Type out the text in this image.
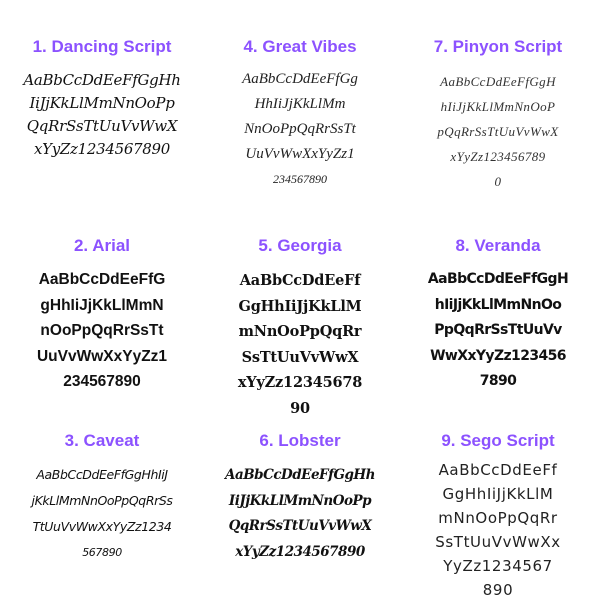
1. Dancing Script
AaBbCcDdEeFfGgHh
IiJjKkLlMmNnOoPp
QqRrSsTtUuVvWwX
xYyZz1234567890
4. Great Vibes
AaBbCcDdEeFfGg
HhIiJjKkLlMm
NnOoPpQqRrSsTt
UuVvWwXxYyZz1
234567890
7. Pinyon Script
AaBbCcDdEeFfGgH
hIiJjKkLlMmNnOoP
pQqRrSsTtUuVvWwX
xYyZz123456789
0
2. Arial
AaBbCcDdEeFfG
gHhIiJjKkLlMmN
nOoPpQqRrSsTt
UuVvWwXxYyZz1
234567890
5. Georgia
AaBbCcDdEeFf
GgHhIiJjKkLlM
mNnOoPpQqRr
SsTtUuVvWwX
xYyZz12345678
90
8. Veranda
AaBbCcDdEeFfGgH
hIiJjKkLlMmNnOo
PpQqRrSsTtUuVv
WwXxYyZz123456
7890
3. Caveat
AaBbCcDdEeFfGgHhIiJ
jKkLlMmNnOoPpQqRrSs
TtUuVvWwXxYyZz1234
567890
6. Lobster
AaBbCcDdEeFfGgHh
IiJjKkLlMmNnOoPp
QqRrSsTtUuVvWwX
xYyZz1234567890
9. Sego Script
AaBbCcDdEeFf
GgHhIiJjKkLlM
mNnOoPpQqRr
SsTtUuVvWwXx
YyZz1234567
890
